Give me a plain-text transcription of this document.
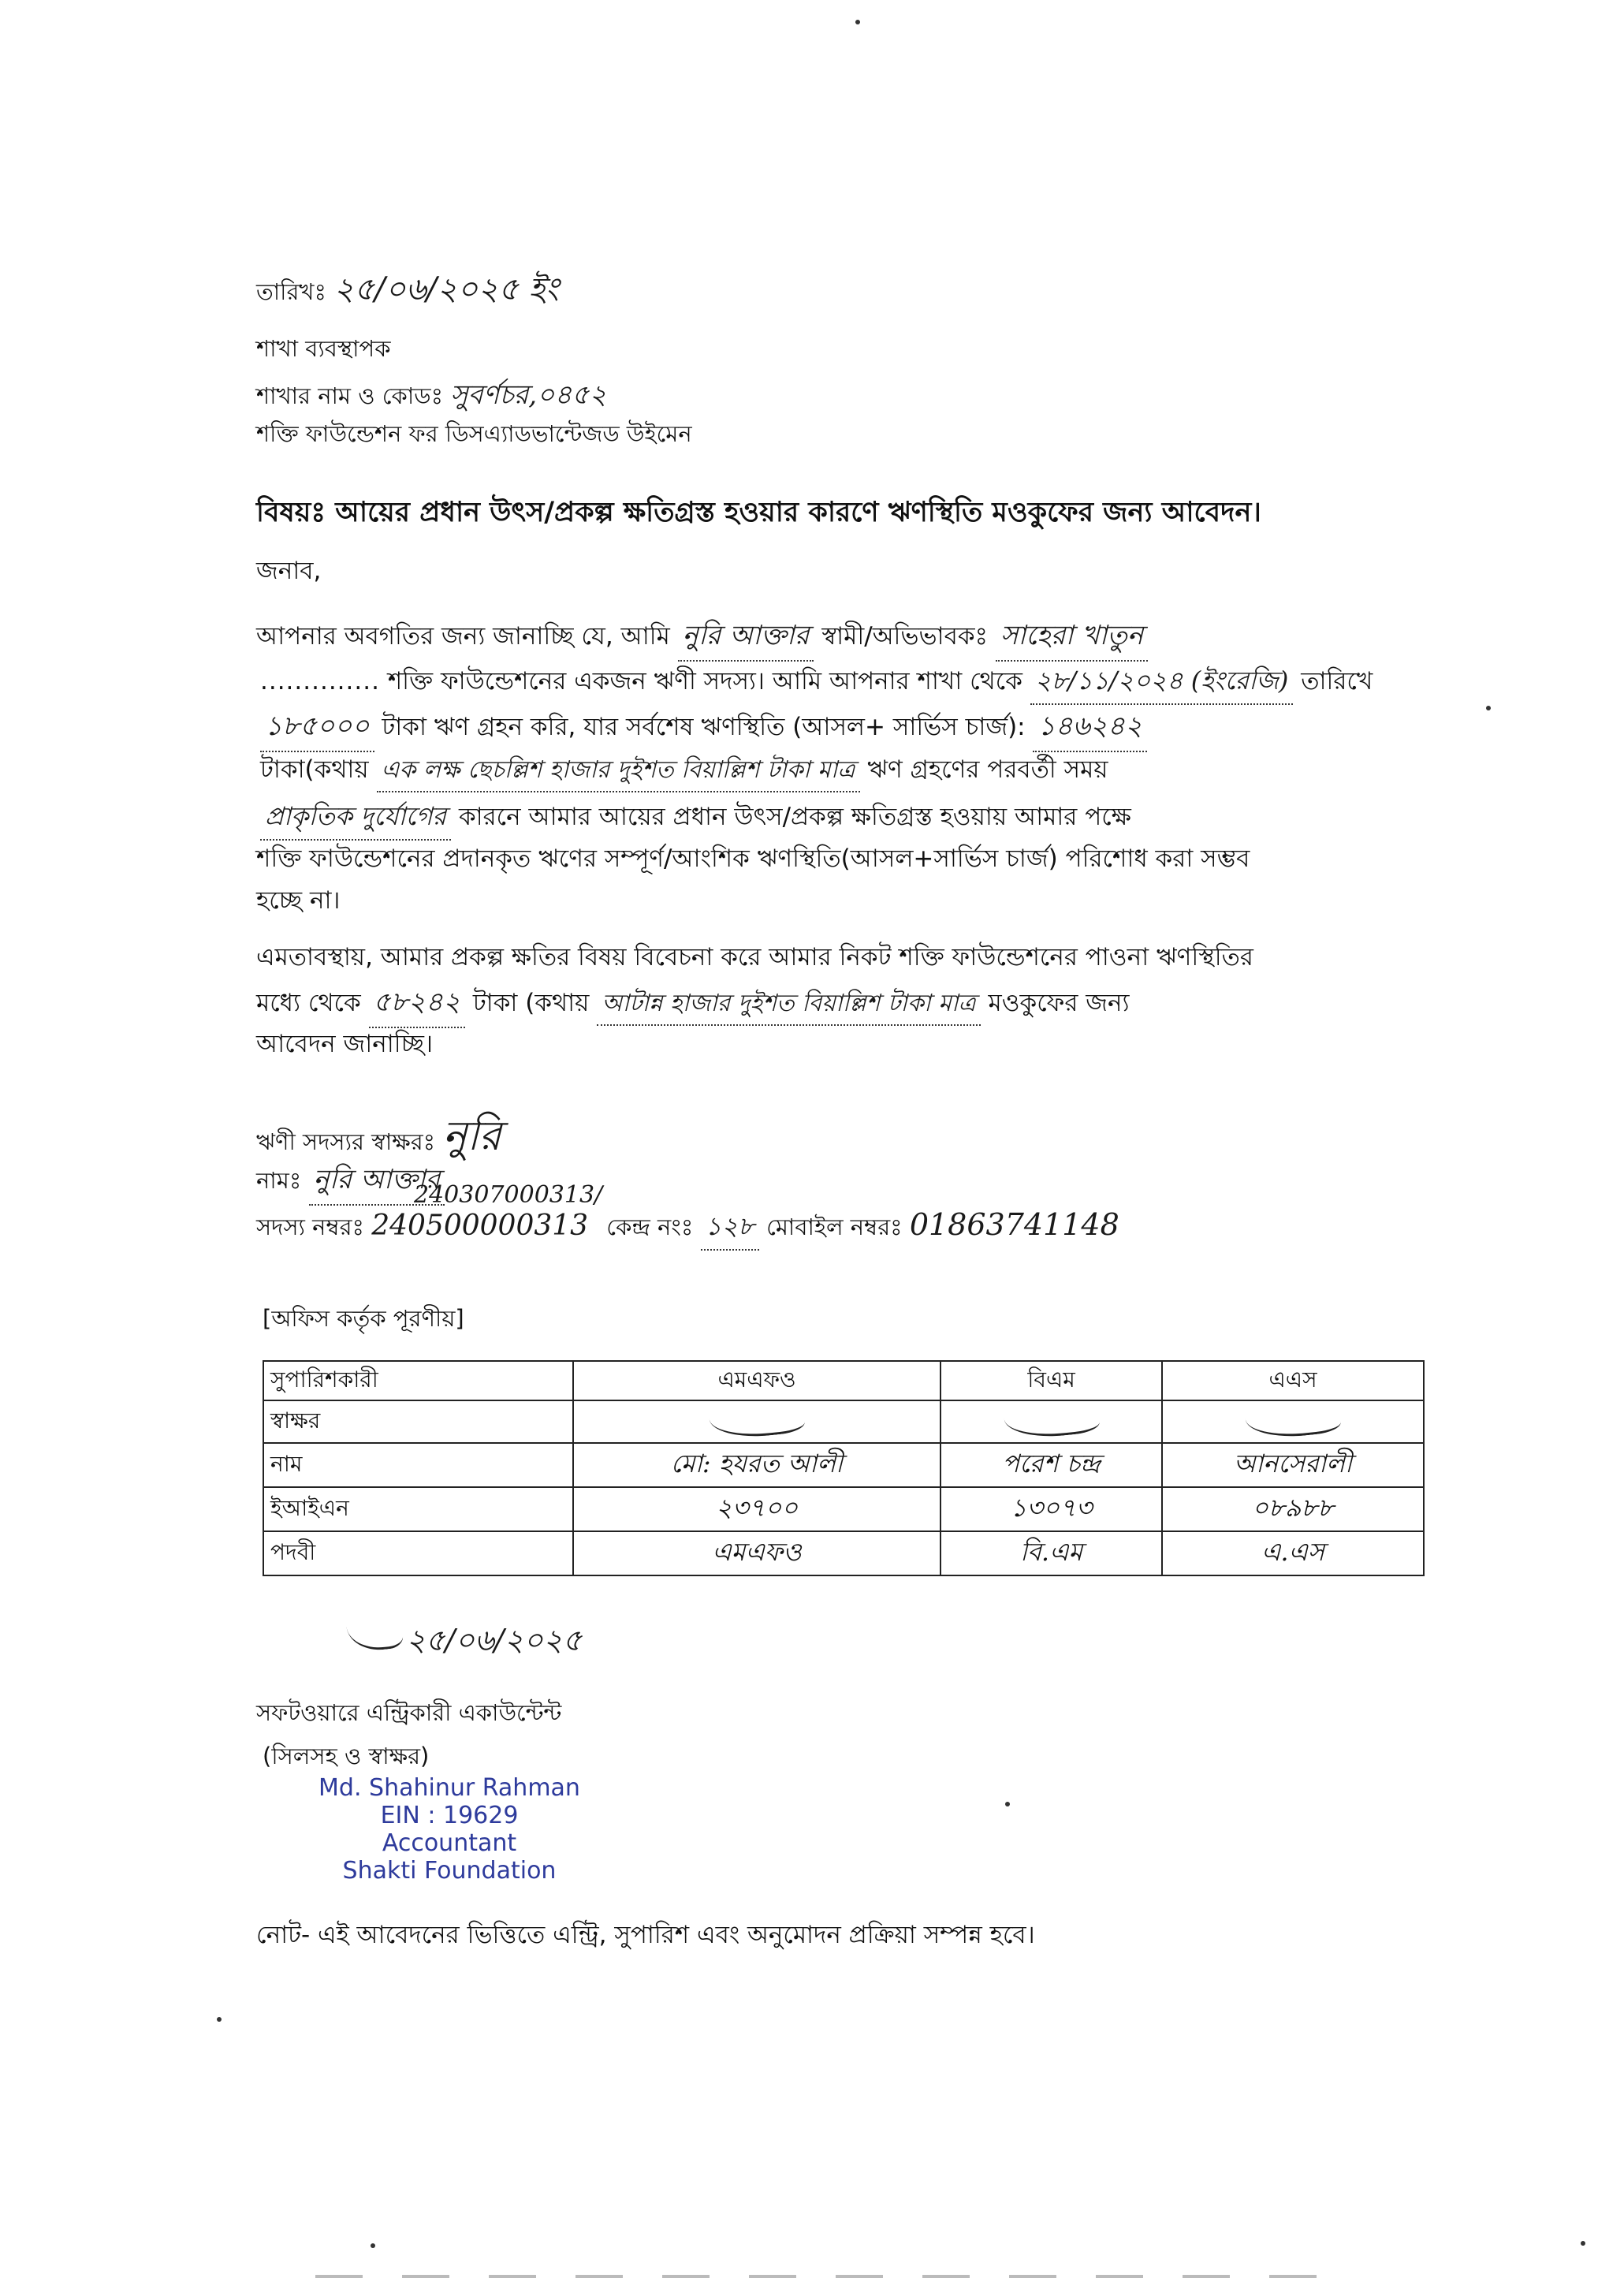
তারিখঃ ২৫/০৬/২০২৫ ইং
শাখা ব্যবস্থাপক
শাখার নাম ও কোডঃ সুবর্ণচর,০৪৫২
শক্তি ফাউন্ডেশন ফর ডিসএ্যাডভান্টেজড উইমেন
বিষয়ঃ আয়ের প্রধান উৎস/প্রকল্প ক্ষতিগ্রস্ত হওয়ার কারণে ঋণস্থিতি মওকুফের জন্য আবেদন।
জনাব,
আপনার অবগতির জন্য জানাচ্ছি যে, আমি নুরি আক্তার স্বামী/অভিভাবকঃ সাহেরা খাতুন
.............. শক্তি ফাউন্ডেশনের একজন ঋণী সদস্য। আমি আপনার শাখা থেকে ২৮/১১/২০২৪ (ইংরেজি) তারিখে
১৮৫০০০ টাকা ঋণ গ্রহন করি, যার সর্বশেষ ঋণস্থিতি (আসল+ সার্ভিস চার্জ): ১৪৬২৪২
টাকা(কথায় এক লক্ষ ছেচল্লিশ হাজার দুইশত বিয়াল্লিশ টাকা মাত্র ঋণ গ্রহণের পরবর্তী সময়
প্রাকৃতিক দুর্যোগের কারনে আমার আয়ের প্রধান উৎস/প্রকল্প ক্ষতিগ্রস্ত হওয়ায় আমার পক্ষে
শক্তি ফাউন্ডেশনের প্রদানকৃত ঋণের সম্পূর্ণ/আংশিক ঋণস্থিতি(আসল+সার্ভিস চার্জ) পরিশোধ করা সম্ভব
হচ্ছে না।
এমতাবস্থায়, আমার প্রকল্প ক্ষতির বিষয় বিবেচনা করে আমার নিকট শক্তি ফাউন্ডেশনের পাওনা ঋণস্থিতির
মধ্যে থেকে ৫৮২৪২ টাকা (কথায় আটান্ন হাজার দুইশত বিয়াল্লিশ টাকা মাত্র মওকুফের জন্য
আবেদন জানাচ্ছি।
ঋণী সদস্যর স্বাক্ষরঃ নুরি
নামঃ নুরি আক্তার
240307000313/
সদস্য নম্বরঃ 240500000313 কেন্দ্র নংঃ ১২৮ মোবাইল নম্বরঃ 01863741148
[অফিস কর্তৃক পূরণীয়]
সুপারিশকারী	এমএফও	বিএম	এএস
স্বাক্ষর			
নাম	মো: হযরত আলী	পরেশ চন্দ্র	আনসেরালী
ইআইএন	২৩৭০০	১৩০৭৩	০৮৯৮৮
পদবী	এমএফও	বি.এম	এ.এস
২৫/০৬/২০২৫
সফটওয়ারে এন্ট্রিকারী একাউন্টেন্ট
(সিলসহ ও স্বাক্ষর)
Md. Shahinur Rahman
EIN : 19629
Accountant
Shakti Foundation
নোট- এই আবেদনের ভিত্তিতে এন্ট্রি, সুপারিশ এবং অনুমোদন প্রক্রিয়া সম্পন্ন হবে।
